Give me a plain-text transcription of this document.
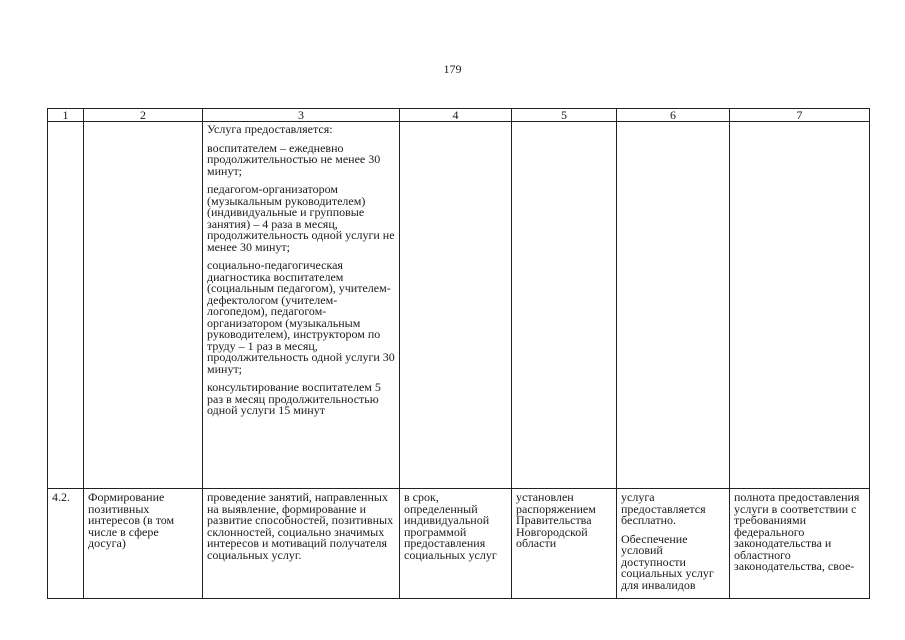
179
1	2	3	4	5	6	7

		Услуга предоставляется:

воспитателем – ежедневно продолжительностью не менее 30 минут;

педагогом-организатором (музыкальным руководителем) (индивидуальные и групповые занятия) – 4 раза в месяц, продолжительность одной услуги не менее 30 минут;

социально-педагогическая диагностика воспитателем (социальным педагогом), учителем-дефектологом (учителем-логопедом), педагогом-организатором (музыкальным руководителем), инструктором по труду – 1 раз в месяц, продолжительность одной услуги 30 минут;

консультирование воспитателем 5 раз в месяц продолжительностью одной услуги 15 минут				

4.2.	Формирование позитивных интересов (в том числе в сфере досуга)	проведение занятий, направленных на выявление, формирование и развитие способностей, позитивных склонностей, социально значимых интересов и мотиваций получателя социальных услуг.	в срок, определенный индивидуальной программой предоставления социальных услуг	установлен распоряжением Правительства Новгородской области	услуга предоставляется бесплатно.

Обеспечение условий доступности социальных услуг для инвалидов	полнота предоставления услуги в соответствии с требованиями федерального законодательства и областного законодательства, свое-
